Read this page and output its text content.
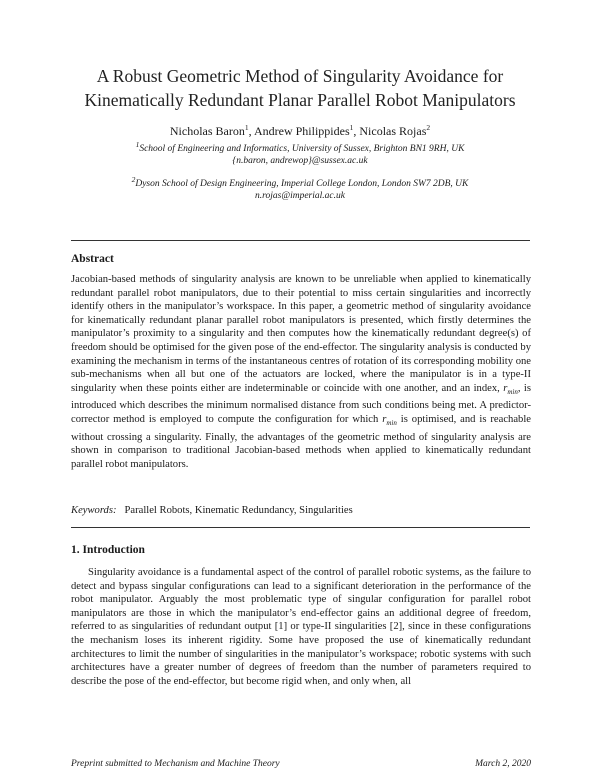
A Robust Geometric Method of Singularity Avoidance for
Kinematically Redundant Planar Parallel Robot Manipulators
Nicholas Baron$^1$, Andrew Philippides$^1$, Nicolas Rojas$^2$
$^1$School of Engineering and Informatics, University of Sussex, Brighton BN1 9RH, UK
{n.baron, andrewop}@sussex.ac.uk
$^2$Dyson School of Design Engineering, Imperial College London, London SW7 2DB, UK
n.rojas@imperial.ac.uk
Abstract
Jacobian-based methods of singularity analysis are known to be unreliable when applied to kinematically redundant parallel robot manipulators, due to their potential to miss certain singularities and incorrectly identify others in the manipulator’s workspace. In this paper, a geometric method of singularity avoidance for kinematically redundant planar parallel robot manipulators is presented, which firstly determines the manipulator’s proximity to a singularity and then computes how the kinematically redundant degree(s) of freedom should be optimised for the given pose of the end-effector. The singularity analysis is conducted by examining the mechanism in terms of the instantaneous centres of rotation of its corresponding mobility one sub-mechanisms when all but one of the actuators are locked, where the manipulator is in a type-II singularity when these points either are indeterminable or coincide with one another, and an index, $r_{min}$, is introduced which describes the minimum normalised distance from such conditions being met. A predictor-corrector method is employed to compute the configuration for which $r_{min}$ is optimised, and is reachable without crossing a singularity. Finally, the advantages of the geometric method of singularity analysis are shown in comparison to traditional Jacobian-based methods when applied to kinematically redundant parallel robot manipulators.
Keywords: Parallel Robots, Kinematic Redundancy, Singularities
1. Introduction
Singularity avoidance is a fundamental aspect of the control of parallel robotic systems, as the failure to detect and bypass singular configurations can lead to a significant deterioration in the performance of the robot manipulator. Arguably the most problematic type of singular configuration for parallel robot manipulators are those in which the manipulator’s end-effector gains an additional degree of freedom, referred to as singularities of redundant output [1] or type-II singularities [2], since in these configurations the mechanism loses its inherent rigidity. Some have proposed the use of kinematically redundant architectures to limit the number of singularities in the manipulator’s workspace; robotic systems with such architectures have a greater number of degrees of freedom than the number of parameters required to describe the pose of the end-effector, but become rigid when, and only when, all
Preprint submitted to Mechanism and Machine Theory	March 2, 2020
